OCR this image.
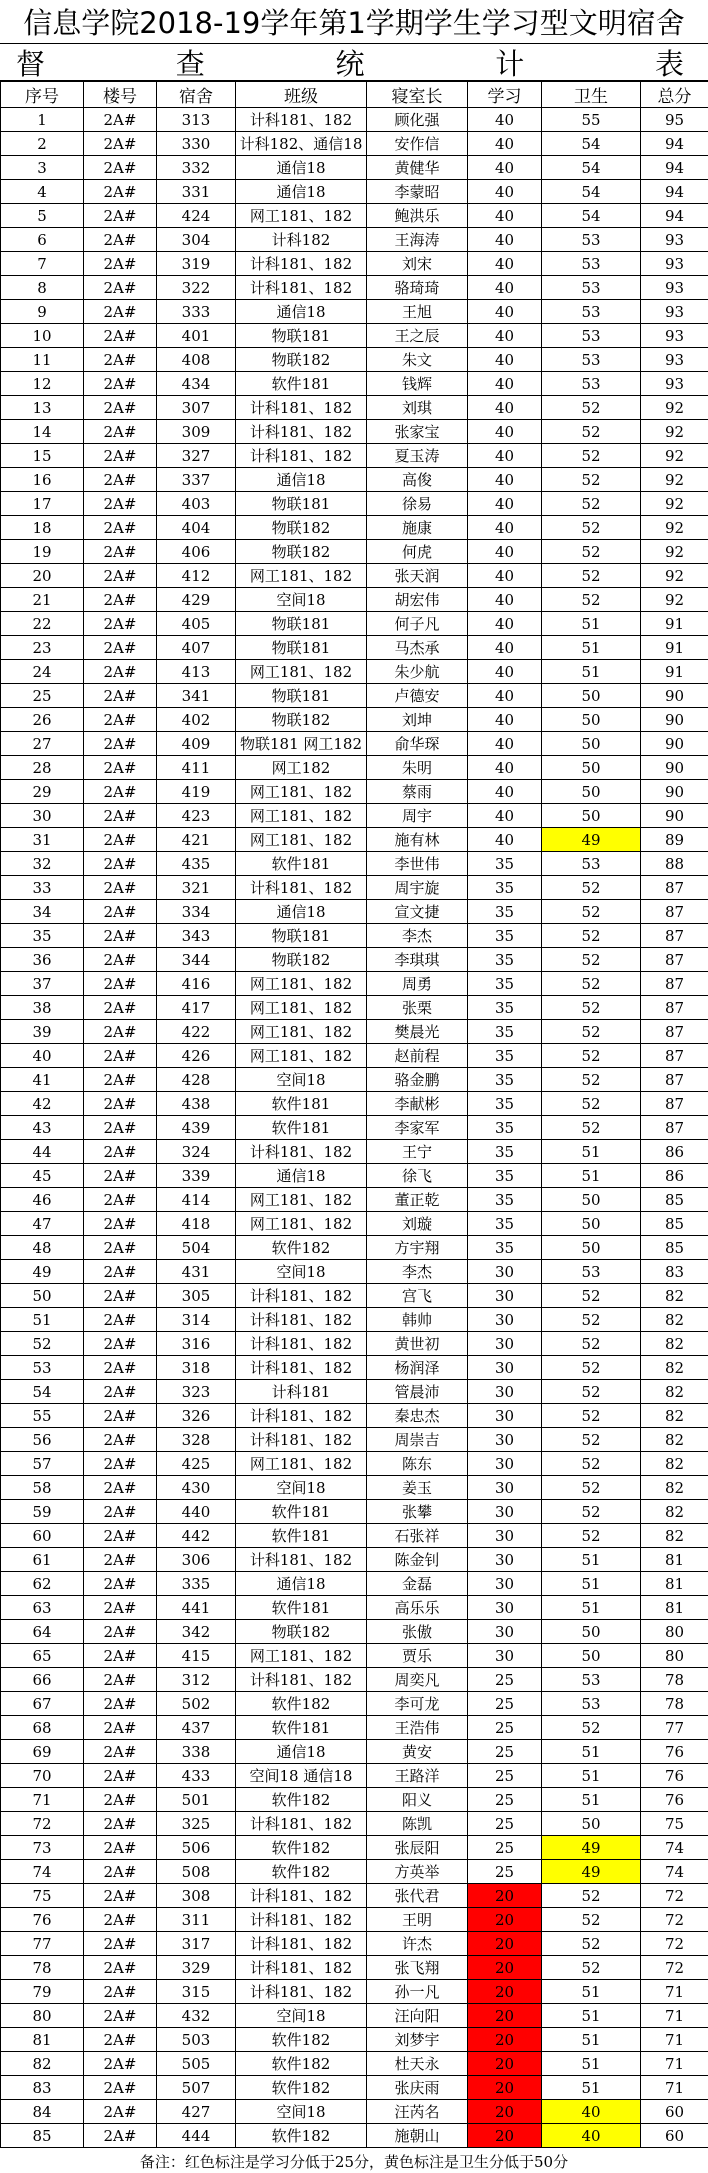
信息学院2018-19学年第1学期学生学习型文明宿舍
督	查	统	计	表
序号	楼号	宿舍	班级	寝室长	学习	卫生	总分
1	2A#	313	计科181、182	顾化强	40	55	95
2	2A#	330	计科182、通信18	安作信	40	54	94
3	2A#	332	通信18	黄健华	40	54	94
4	2A#	331	通信18	李蒙昭	40	54	94
5	2A#	424	网工181、182	鲍洪乐	40	54	94
6	2A#	304	计科182	王海涛	40	53	93
7	2A#	319	计科181、182	刘宋	40	53	93
8	2A#	322	计科181、182	骆琦琦	40	53	93
9	2A#	333	通信18	王旭	40	53	93
10	2A#	401	物联181	王之辰	40	53	93
11	2A#	408	物联182	朱文	40	53	93
12	2A#	434	软件181	钱辉	40	53	93
13	2A#	307	计科181、182	刘琪	40	52	92
14	2A#	309	计科181、182	张家宝	40	52	92
15	2A#	327	计科181、182	夏玉涛	40	52	92
16	2A#	337	通信18	高俊	40	52	92
17	2A#	403	物联181	徐易	40	52	92
18	2A#	404	物联182	施康	40	52	92
19	2A#	406	物联182	何虎	40	52	92
20	2A#	412	网工181、182	张天润	40	52	92
21	2A#	429	空间18	胡宏伟	40	52	92
22	2A#	405	物联181	何子凡	40	51	91
23	2A#	407	物联181	马杰承	40	51	91
24	2A#	413	网工181、182	朱少航	40	51	91
25	2A#	341	物联181	卢德安	40	50	90
26	2A#	402	物联182	刘坤	40	50	90
27	2A#	409	物联181 网工182	俞华琛	40	50	90
28	2A#	411	网工182	朱明	40	50	90
29	2A#	419	网工181、182	蔡雨	40	50	90
30	2A#	423	网工181、182	周宇	40	50	90
31	2A#	421	网工181、182	施有林	40	49	89
32	2A#	435	软件181	李世伟	35	53	88
33	2A#	321	计科181、182	周宇旋	35	52	87
34	2A#	334	通信18	宣文捷	35	52	87
35	2A#	343	物联181	李杰	35	52	87
36	2A#	344	物联182	李琪琪	35	52	87
37	2A#	416	网工181、182	周勇	35	52	87
38	2A#	417	网工181、182	张栗	35	52	87
39	2A#	422	网工181、182	樊晨光	35	52	87
40	2A#	426	网工181、182	赵前程	35	52	87
41	2A#	428	空间18	骆金鹏	35	52	87
42	2A#	438	软件181	李献彬	35	52	87
43	2A#	439	软件181	李家军	35	52	87
44	2A#	324	计科181、182	王宁	35	51	86
45	2A#	339	通信18	徐飞	35	51	86
46	2A#	414	网工181、182	董正乾	35	50	85
47	2A#	418	网工181、182	刘璇	35	50	85
48	2A#	504	软件182	方宇翔	35	50	85
49	2A#	431	空间18	李杰	30	53	83
50	2A#	305	计科181、182	宫飞	30	52	82
51	2A#	314	计科181、182	韩帅	30	52	82
52	2A#	316	计科181、182	黄世初	30	52	82
53	2A#	318	计科181、182	杨润泽	30	52	82
54	2A#	323	计科181	管晨沛	30	52	82
55	2A#	326	计科181、182	秦忠杰	30	52	82
56	2A#	328	计科181、182	周崇吉	30	52	82
57	2A#	425	网工181、182	陈东	30	52	82
58	2A#	430	空间18	姜玉	30	52	82
59	2A#	440	软件181	张攀	30	52	82
60	2A#	442	软件181	石张祥	30	52	82
61	2A#	306	计科181、182	陈金钊	30	51	81
62	2A#	335	通信18	金磊	30	51	81
63	2A#	441	软件181	高乐乐	30	51	81
64	2A#	342	物联182	张傲	30	50	80
65	2A#	415	网工181、182	贾乐	30	50	80
66	2A#	312	计科181、182	周奕凡	25	53	78
67	2A#	502	软件182	李可龙	25	53	78
68	2A#	437	软件181	王浩伟	25	52	77
69	2A#	338	通信18	黄安	25	51	76
70	2A#	433	空间18 通信18	王路洋	25	51	76
71	2A#	501	软件182	阳义	25	51	76
72	2A#	325	计科181、182	陈凯	25	50	75
73	2A#	506	软件182	张辰阳	25	49	74
74	2A#	508	软件182	方英举	25	49	74
75	2A#	308	计科181、182	张代君	20	52	72
76	2A#	311	计科181、182	王明	20	52	72
77	2A#	317	计科181、182	许杰	20	52	72
78	2A#	329	计科181、182	张飞翔	20	52	72
79	2A#	315	计科181、182	孙一凡	20	51	71
80	2A#	432	空间18	汪向阳	20	51	71
81	2A#	503	软件182	刘梦宇	20	51	71
82	2A#	505	软件182	杜天永	20	51	71
83	2A#	507	软件182	张庆雨	20	51	71
84	2A#	427	空间18	汪芮名	20	40	60
85	2A#	444	软件182	施朝山	20	40	60
备注：红色标注是学习分低于25分，黄色标注是卫生分低于50分
